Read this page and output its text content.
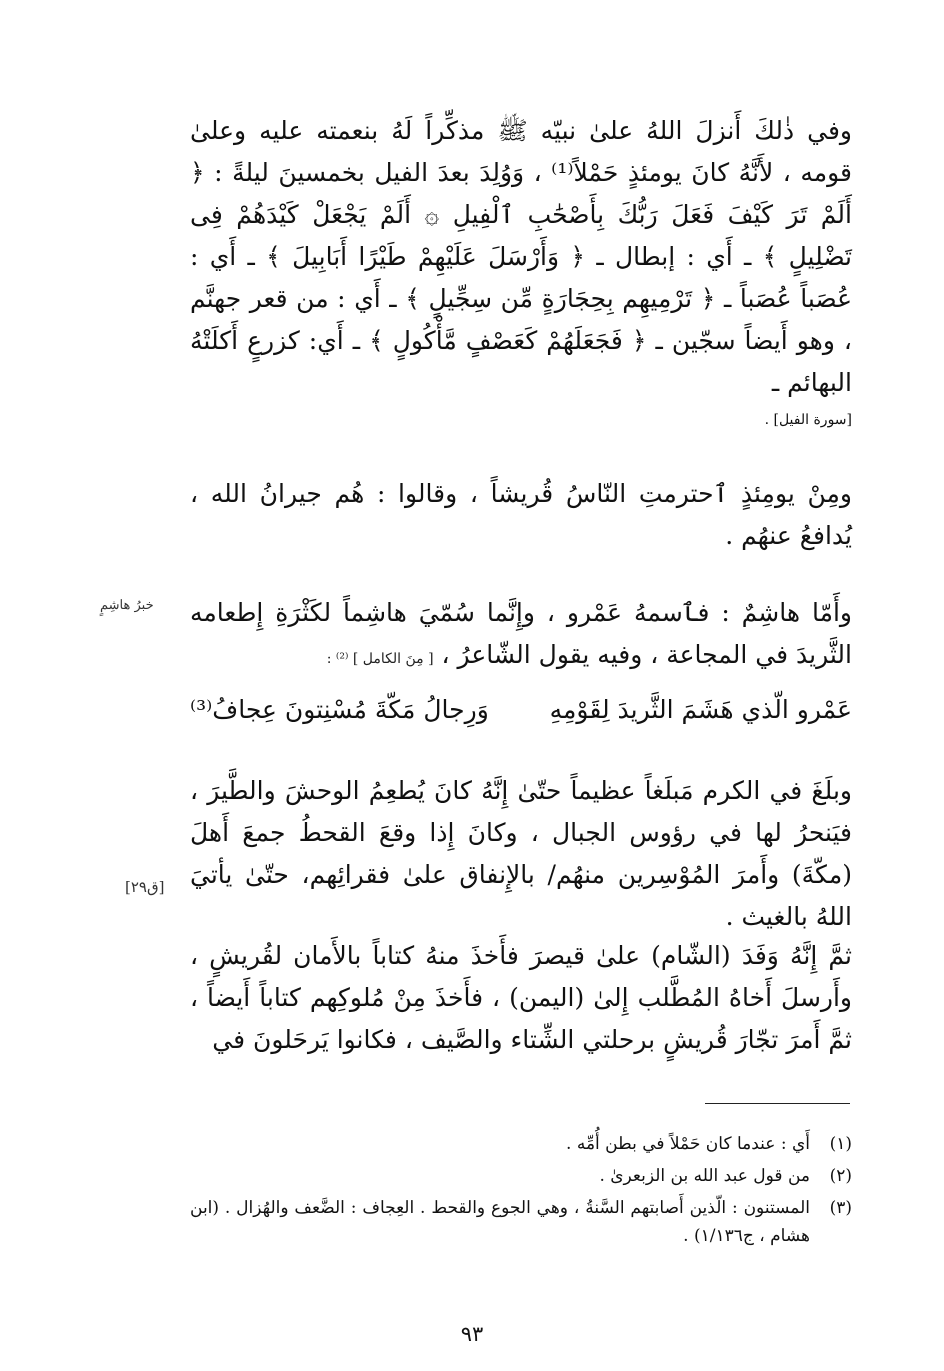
وفي ذٰلكَ أَنزلَ اللهُ علىٰ نبيّه ﷺ مذكِّراً لَهُ بنعمته عليه وعلىٰ قومه ، لأَنَّهُ كانَ يومئذٍ حَمْلاً⁽¹⁾ ، وَوُلِدَ بعدَ الفيل بخمسينَ ليلةً : ﴿ أَلَمْ تَرَ كَيْفَ فَعَلَ رَبُّكَ بِأَصْحَٰبِ ٱلْفِيلِ ۞ أَلَمْ يَجْعَلْ كَيْدَهُمْ فِى تَضْلِيلٍ ﴾ ـ أَي : إبطال ـ ﴿ وَأَرْسَلَ عَلَيْهِمْ طَيْرًا أَبَابِيلَ ﴾ ـ أَي : عُصَباً عُصَباً ـ ﴿ تَرْمِيهِم بِحِجَارَةٍ مِّن سِجِّيلٍ ﴾ ـ أَي : من قعر جهنَّم ، وهو أَيضاً سجّين ـ ﴿ فَجَعَلَهُمْ كَعَصْفٍ مَّأْكُولٍ ﴾ ـ أَي: كزرعٍ أَكلَتْهُ البهائم ـ

[سورة الفيل] .

ومِنْ يومِئذٍ ٱحترمتِ النّاسُ قُريشاً ، وقالوا : هُم جيرانُ الله ، يُدافعُ عنهُم .

وأَمّا هاشِمٌ : فٱسمهُ عَمْرو ، وإِنَّما سُمّيَ هاشِماً لكَثْرَةِ إِطعامه الثَّريدَ في المجاعة ، وفيه يقول الشّاعرُ ، [ مِنَ الكامل ] ⁽²⁾ :

خبرُ هاشِمٍ
عَمْرو الّذي هَشَمَ الثَّريدَ لِقَوْمِهِ
وَرِجالُ مَكّةَ مُسْنِتونَ عِجافُ⁽³⁾

وبلَغَ في الكرم مَبلَغاً عظيماً حتّىٰ إِنَّهُ كانَ يُطعِمُ الوحشَ والطَّيرَ ، فيَنحرُ لها في رؤوس الجبال ، وكانَ إِذا وقعَ القحطُ جمعَ أَهلَ (مكّةَ) وأَمرَ المُوْسِرين منهُم/ بالإِنفاق علىٰ فقرائِهم، حتّىٰ يأتيَ اللهُ بالغيث .

[ق٢٩]

ثمَّ إِنَّهُ وَفَدَ (الشّام) علىٰ قيصرَ فأَخذَ منهُ كتاباً بالأَمان لقُريشٍ ، وأَرسلَ أَخاهُ المُطَّلب إِلىٰ (اليمن) ، فأَخذَ مِنْ مُلوكِهم كتاباً أَيضاً ، ثمَّ أَمرَ تجّارَ قُريشٍ برحلتي الشِّتاء والصَّيف ، فكانوا يَرحَلونَ في

(١)
أَي : عندما كان حَمْلاً في بطن أُمِّه .
(٢)
من قول عبد الله بن الزبعرىٰ .
(٣)
المستنون : الّذين أَصابتهم السَّنةُ ، وهي الجوع والقحط . العِجاف : الضَّعف والهُزال . (ابن هشام ، ج١/١٣٦) .
٩٣
